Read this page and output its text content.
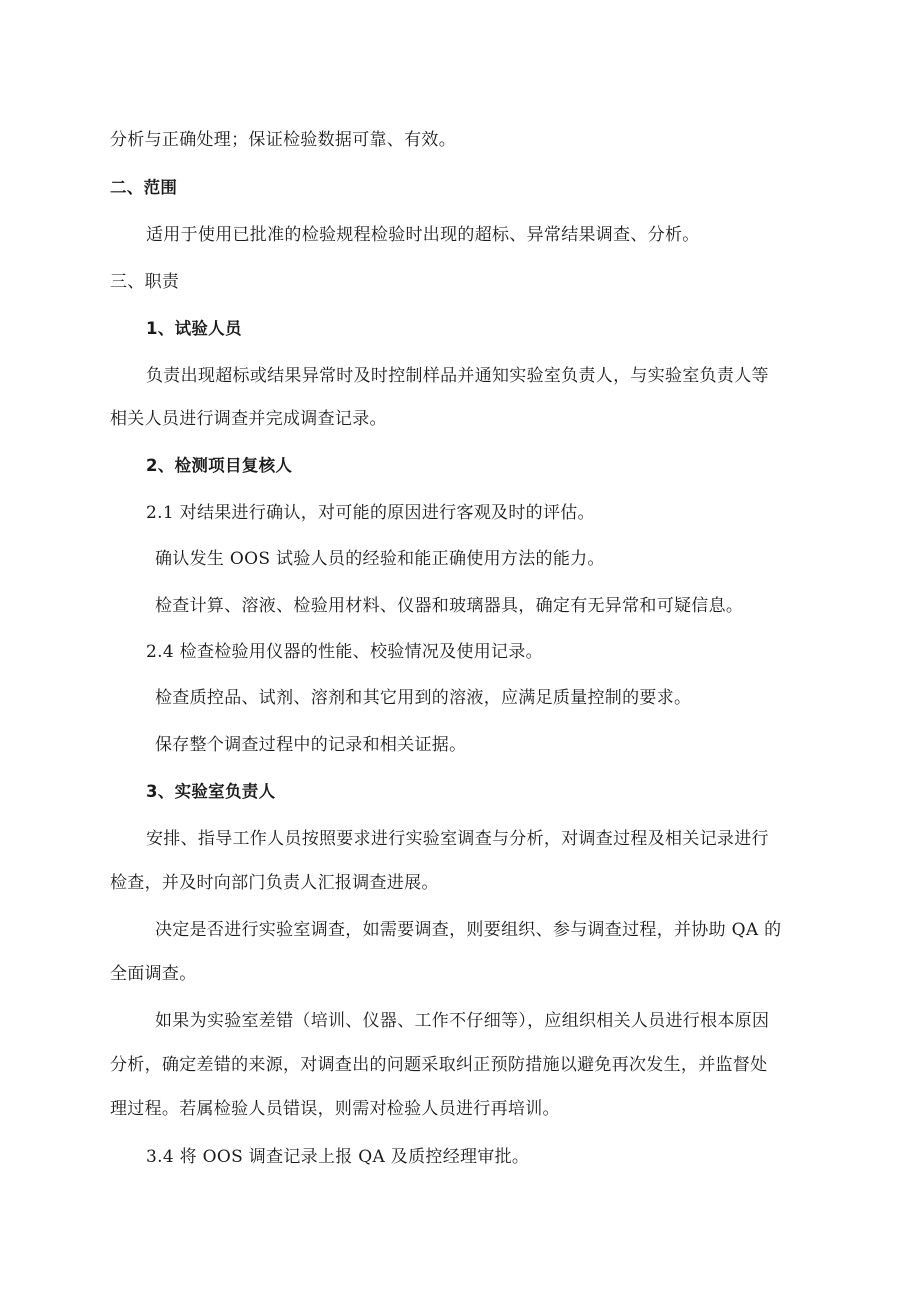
分析与正确处理；保证检验数据可靠、有效。
二、范围
适用于使用已批准的检验规程检验时出现的超标、异常结果调查、分析。
三、职责
1、试验人员
负责出现超标或结果异常时及时控制样品并通知实验室负责人，与实验室负责人等
相关人员进行调查并完成调查记录。
2、检测项目复核人
2.1 对结果进行确认，对可能的原因进行客观及时的评估。
确认发生 OOS 试验人员的经验和能正确使用方法的能力。
检查计算、溶液、检验用材料、仪器和玻璃器具，确定有无异常和可疑信息。
2.4 检查检验用仪器的性能、校验情况及使用记录。
检查质控品、试剂、溶剂和其它用到的溶液，应满足质量控制的要求。
保存整个调查过程中的记录和相关证据。
3、实验室负责人
安排、指导工作人员按照要求进行实验室调查与分析，对调查过程及相关记录进行
检查，并及时向部门负责人汇报调查进展。
决定是否进行实验室调查，如需要调查，则要组织、参与调查过程，并协助 QA 的
全面调查。
如果为实验室差错（培训、仪器、工作不仔细等），应组织相关人员进行根本原因
分析，确定差错的来源，对调查出的问题采取纠正预防措施以避免再次发生，并监督处
理过程。若属检验人员错误，则需对检验人员进行再培训。
3.4 将 OOS 调查记录上报 QA 及质控经理审批。
